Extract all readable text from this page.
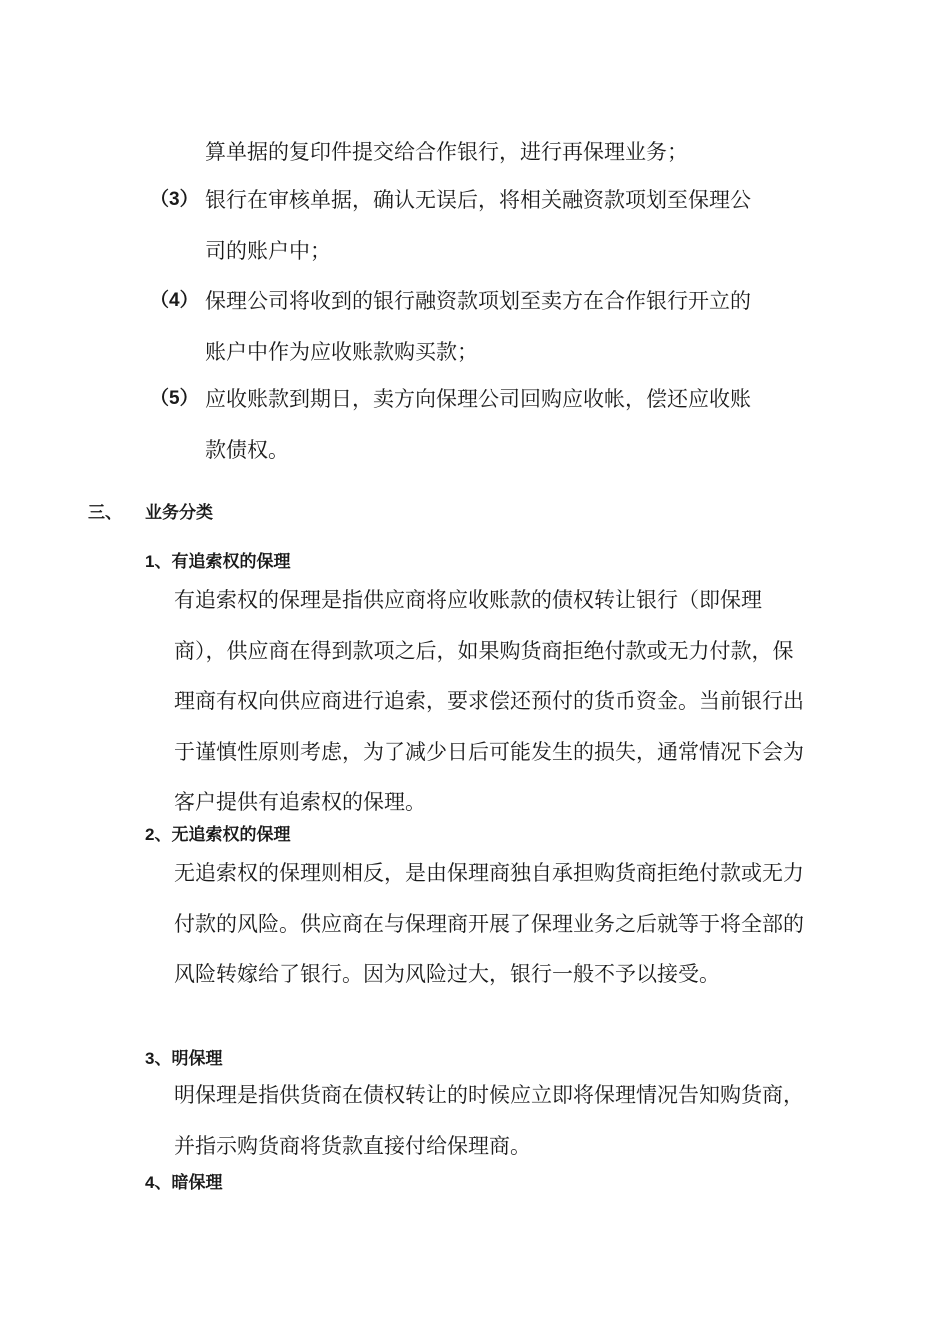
算单据的复印件提交给合作银行，进行再保理业务；
（3） 银行在审核单据，确认无误后，将相关融资款项划至保理公
司的账户中；
（4） 保理公司将收到的银行融资款项划至卖方在合作银行开立的
账户中作为应收账款购买款；
（5） 应收账款到期日，卖方向保理公司回购应收帐，偿还应收账
款债权。
三、 业务分类
1、有追索权的保理
有追索权的保理是指供应商将应收账款的债权转让银行（即保理商），供应商在得到款项之后，如果购货商拒绝付款或无力付款，保理商有权向供应商进行追索，要求偿还预付的货币资金。当前银行出于谨慎性原则考虑，为了减少日后可能发生的损失，通常情况下会为客户提供有追索权的保理。
2、无追索权的保理
无追索权的保理则相反，是由保理商独自承担购货商拒绝付款或无力付款的风险。供应商在与保理商开展了保理业务之后就等于将全部的风险转嫁给了银行。因为风险过大，银行一般不予以接受。
3、明保理
明保理是指供货商在债权转让的时候应立即将保理情况告知购货商，并指示购货商将货款直接付给保理商。
4、暗保理
